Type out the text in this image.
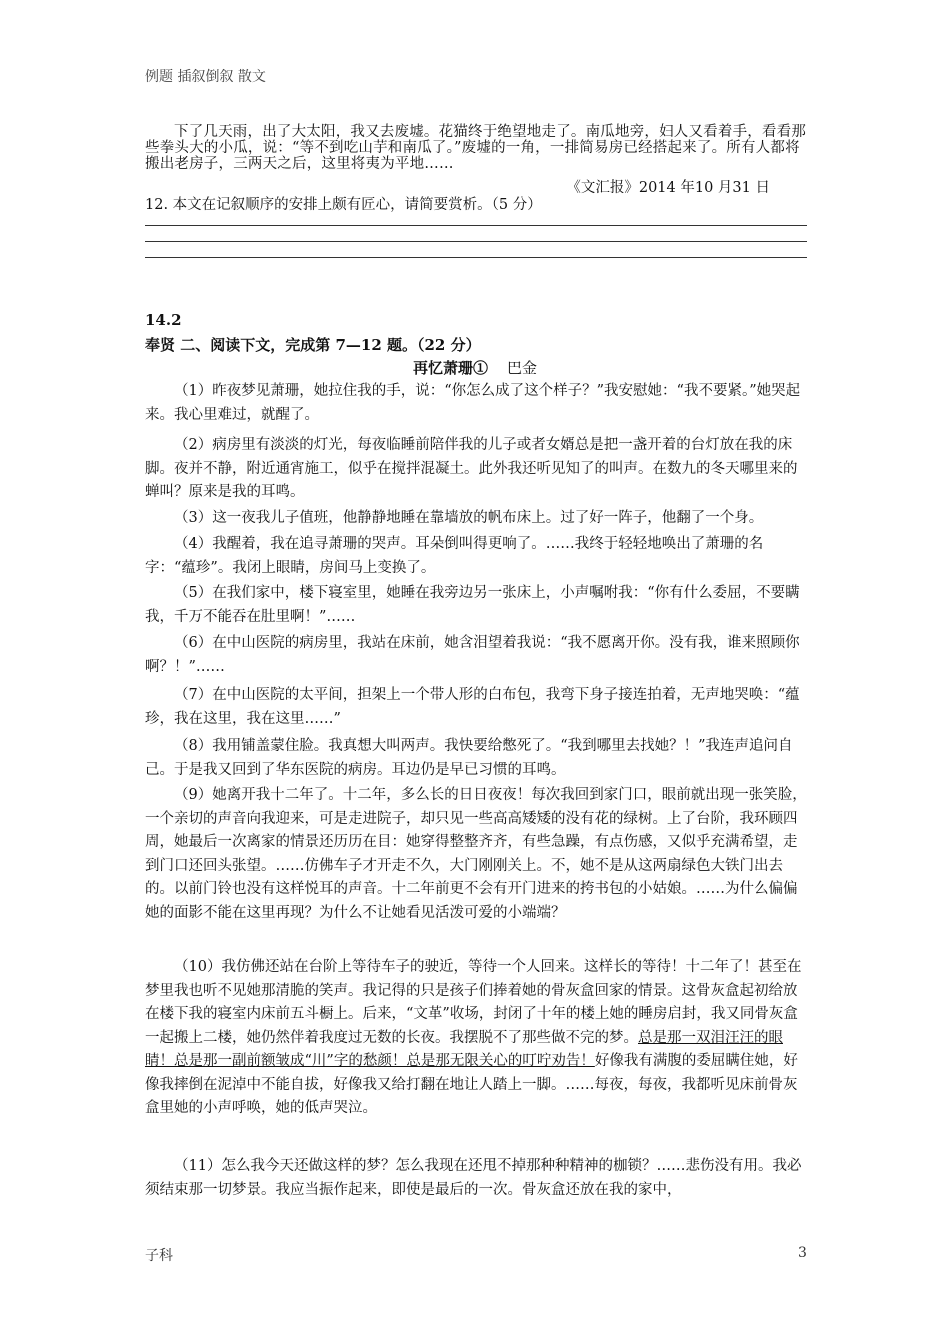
例题 插叙倒叙 散文

下了几天雨，出了大太阳，我又去废墟。花猫终于绝望地走了。南瓜地旁，妇人又看着手，看看那些拳头大的小瓜，说：“等不到吃山芋和南瓜了。”废墟的一角，一排简易房已经搭起来了。所有人都将搬出老房子，三两天之后，这里将夷为平地……

《文汇报》2014 年10 月31 日
12. 本文在记叙顺序的安排上颇有匠心，请简要赏析。（5 分）
14.2
奉贤 二、阅读下文，完成第 7—12 题。（22 分）
再忆萧珊① 巴金

（1）昨夜梦见萧珊，她拉住我的手，说：“你怎么成了这个样子？”我安慰她：“我不要紧。”她哭起来。我心里难过，就醒了。

（2）病房里有淡淡的灯光，每夜临睡前陪伴我的儿子或者女婿总是把一盏开着的台灯放在我的床脚。夜并不静，附近通宵施工，似乎在搅拌混凝土。此外我还听见知了的叫声。在数九的冬天哪里来的蝉叫？原来是我的耳鸣。

（3）这一夜我儿子值班，他静静地睡在靠墙放的帆布床上。过了好一阵子，他翻了一个身。

（4）我醒着，我在追寻萧珊的哭声。耳朵倒叫得更响了。……我终于轻轻地唤出了萧珊的名字：“蕴珍”。我闭上眼睛，房间马上变换了。

（5）在我们家中，楼下寝室里，她睡在我旁边另一张床上，小声嘱咐我：“你有什么委屈，不要瞒我，千万不能吞在肚里啊！”……

（6）在中山医院的病房里，我站在床前，她含泪望着我说：“我不愿离开你。没有我，谁来照顾你啊？！”……

（7）在中山医院的太平间，担架上一个带人形的白布包，我弯下身子接连拍着，无声地哭唤：“蕴珍，我在这里，我在这里……”

（8）我用铺盖蒙住脸。我真想大叫两声。我快要给憋死了。“我到哪里去找她？！”我连声追问自己。于是我又回到了华东医院的病房。耳边仍是早已习惯的耳鸣。

（9）她离开我十二年了。十二年，多么长的日日夜夜！每次我回到家门口，眼前就出现一张笑脸，一个亲切的声音向我迎来，可是走进院子，却只见一些高高矮矮的没有花的绿树。上了台阶，我环顾四周，她最后一次离家的情景还历历在目：她穿得整整齐齐，有些急躁，有点伤感，又似乎充满希望，走到门口还回头张望。……仿佛车子才开走不久，大门刚刚关上。不，她不是从这两扇绿色大铁门出去的。以前门铃也没有这样悦耳的声音。十二年前更不会有开门进来的挎书包的小姑娘。……为什么偏偏她的面影不能在这里再现？为什么不让她看见活泼可爱的小端端？

（10）我仿佛还站在台阶上等待车子的驶近，等待一个人回来。这样长的等待！十二年了！甚至在梦里我也听不见她那清脆的笑声。我记得的只是孩子们捧着她的骨灰盒回家的情景。这骨灰盒起初给放在楼下我的寝室内床前五斗橱上。后来，“文革”收场，封闭了十年的楼上她的睡房启封，我又同骨灰盒一起搬上二楼，她仍然伴着我度过无数的长夜。我摆脱不了那些做不完的梦。总是那一双泪汪汪的眼睛！总是那一副前额皱成“川”字的愁颜！总是那无限关心的叮咛劝告！好像我有满腹的委屈瞒住她，好像我摔倒在泥淖中不能自拔，好像我又给打翻在地让人踏上一脚。……每夜，每夜，我都听见床前骨灰盒里她的小声呼唤，她的低声哭泣。

（11）怎么我今天还做这样的梦？怎么我现在还甩不掉那种种精神的枷锁？……悲伤没有用。我必须结束那一切梦景。我应当振作起来，即使是最后的一次。骨灰盒还放在我的家中，

子科	3
